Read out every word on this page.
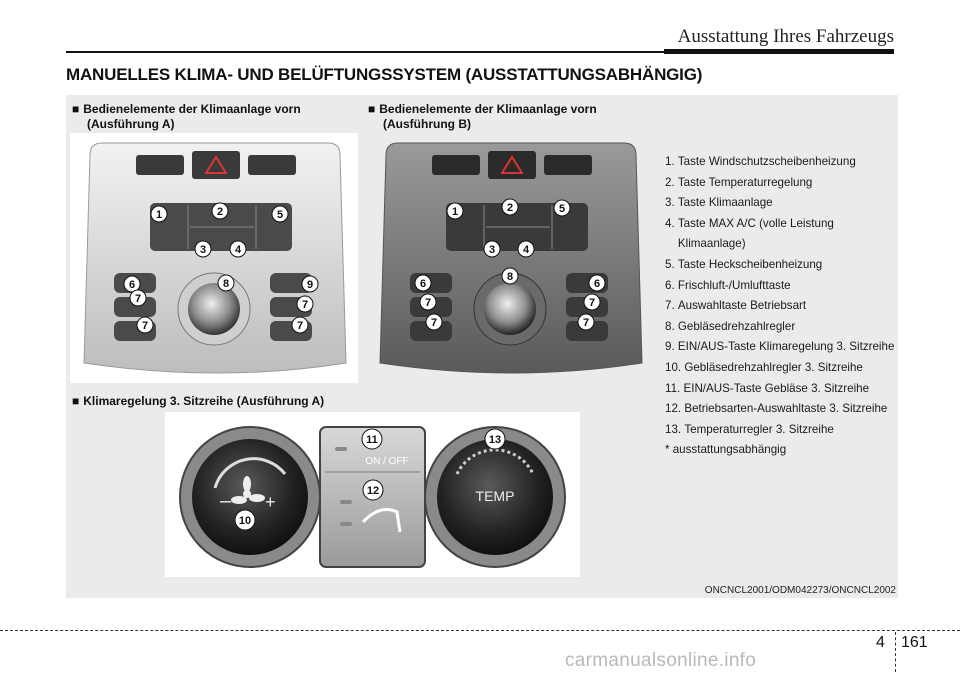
Ausstattung Ihres Fahrzeugs
MANUELLES KLIMA- UND BELÜFTUNGSSYSTEM (AUSSTATTUNGSABHÄNGIG)
■ Bedienelemente der Klimaanlage vorn
(Ausführung A)
■ Bedienelemente der Klimaanlage vorn
(Ausführung B)
■ Klimaregelung 3. Sitzreihe (Ausführung A)
1	2	5
3	4
6	8	9
7	7
7	7
1	2	5
3	4
6
8
6
7	7
7	7
– +
ON / OFF
TEMP
11
12
10
13
1. Taste Windschutzscheibenheizung
2. Taste Temperaturregelung
3. Taste Klimaanlage
4. Taste MAX A/C (volle Leistung Klimaanlage)
5. Taste Heckscheibenheizung
6. Frischluft-/Umlufttaste
7. Auswahltaste Betriebsart
8. Gebläsedrehzahlregler
9. EIN/AUS-Taste Klimaregelung 3. Sitzreihe
10. Gebläsedrehzahlregler 3. Sitzreihe
11. EIN/AUS-Taste Gebläse 3. Sitzreihe
12. Betriebsarten-Auswahltaste 3. Sitzreihe
13. Temperaturregler 3. Sitzreihe
* ausstattungsabhängig
ONCNCL2001/ODM042273/ONCNCL2002
4 161
carmanualsonline.info
